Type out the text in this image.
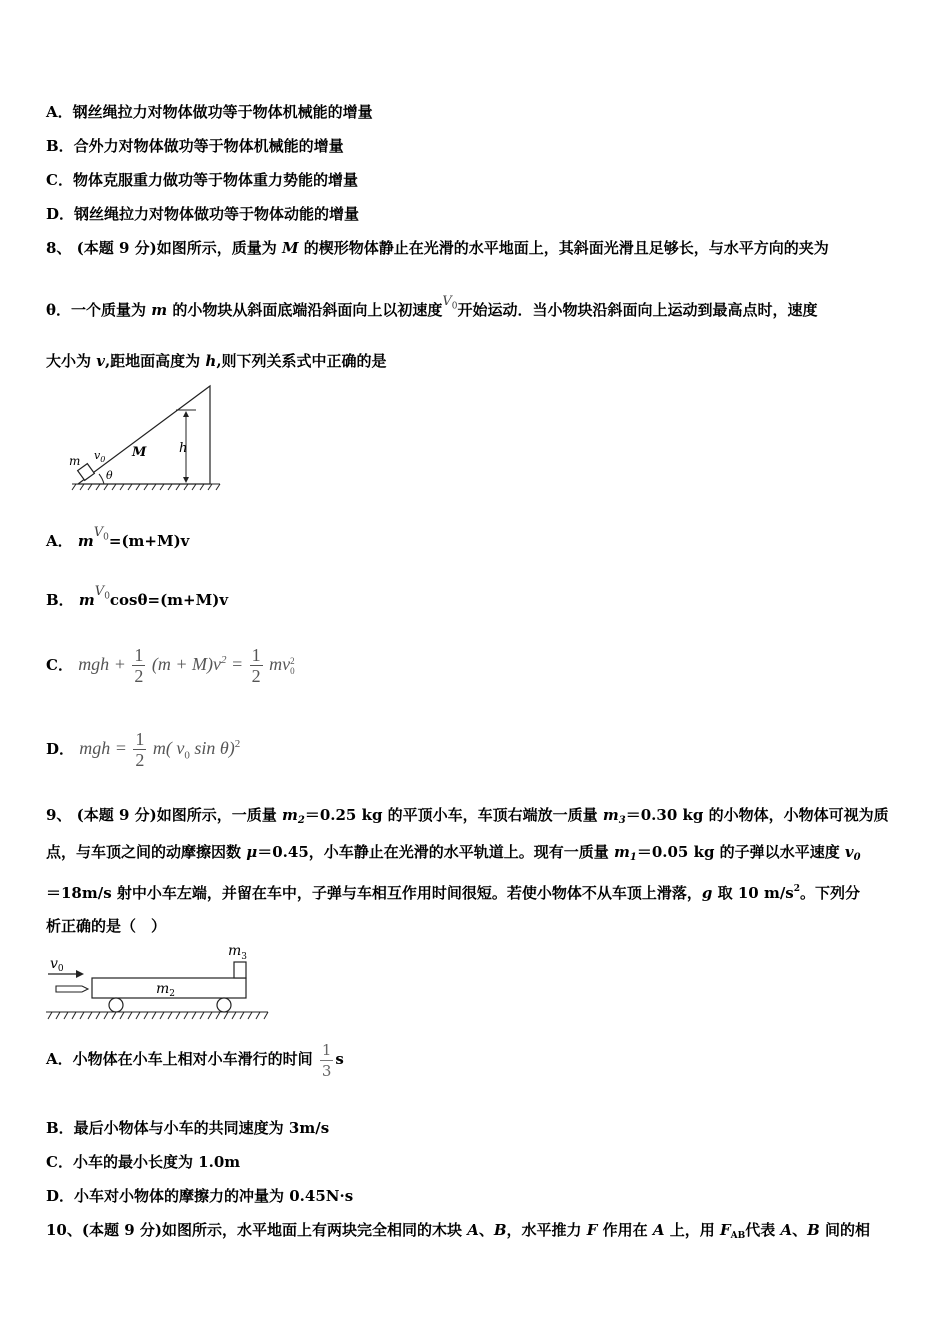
A．钢丝绳拉力对物体做功等于物体机械能的增量
B．合外力对物体做功等于物体机械能的增量
C．物体克服重力做功等于物体重力势能的增量
D．钢丝绳拉力对物体做功等于物体动能的增量
8、 (本题 9 分)如图所示，质量为 M 的楔形物体静止在光滑的水平地面上，其斜面光滑且足够长，与水平方向的夹为
θ．一个质量为 m 的小物块从斜面底端沿斜面向上以初速度$V_0$开始运动．当小物块沿斜面向上运动到最高点时，速度
大小为 v,距地面高度为 h,则下列关系式中正确的是
m $v_0$ M	h
θ
A． $mV_0=(m+M)v$
B． $mV_0\cos\theta=(m+M)v$
C． mgh + $\frac{1}{2} (m + M)v^2 = \frac{1}{2}$ mv 2
0
D． mgh = $\frac{1}{2} m$( $v_0$ sin θ)$^2$
9、 (本题 9 分)如图所示，一质量 $m_2=0.25$ kg 的平顶小车，车顶右端放一质量 $m_3=0.30$ kg 的小物体，小物体可视为质
点，与车顶之间的动摩擦因数 μ＝0.45，小车静止在光滑的水平轨道上。现有一质量 $m_1=0.05$ kg 的子弹以水平速度 $v_0$
＝18m/s 射中小车左端，并留在车中，子弹与车相互作用时间很短。若使小物体不从车顶上滑落，g 取 10 $m/s^2$。下列分
析正确的是（　）
$m_3$
$v_0$
$m_2$
A．小物体在小车上相对小车滑行的时间 $\frac{1}{3}$ s
B．最后小物体与小车的共同速度为 3m/s
C．小车的最小长度为 1.0m
D．小车对小物体的摩擦力的冲量为 0.45N·s
10、(本题 9 分)如图所示，水平地面上有两块完全相同的木块 A、B，水平推力 F 作用在 A 上，用 $F_{AB}$代表 A、B 间的相
